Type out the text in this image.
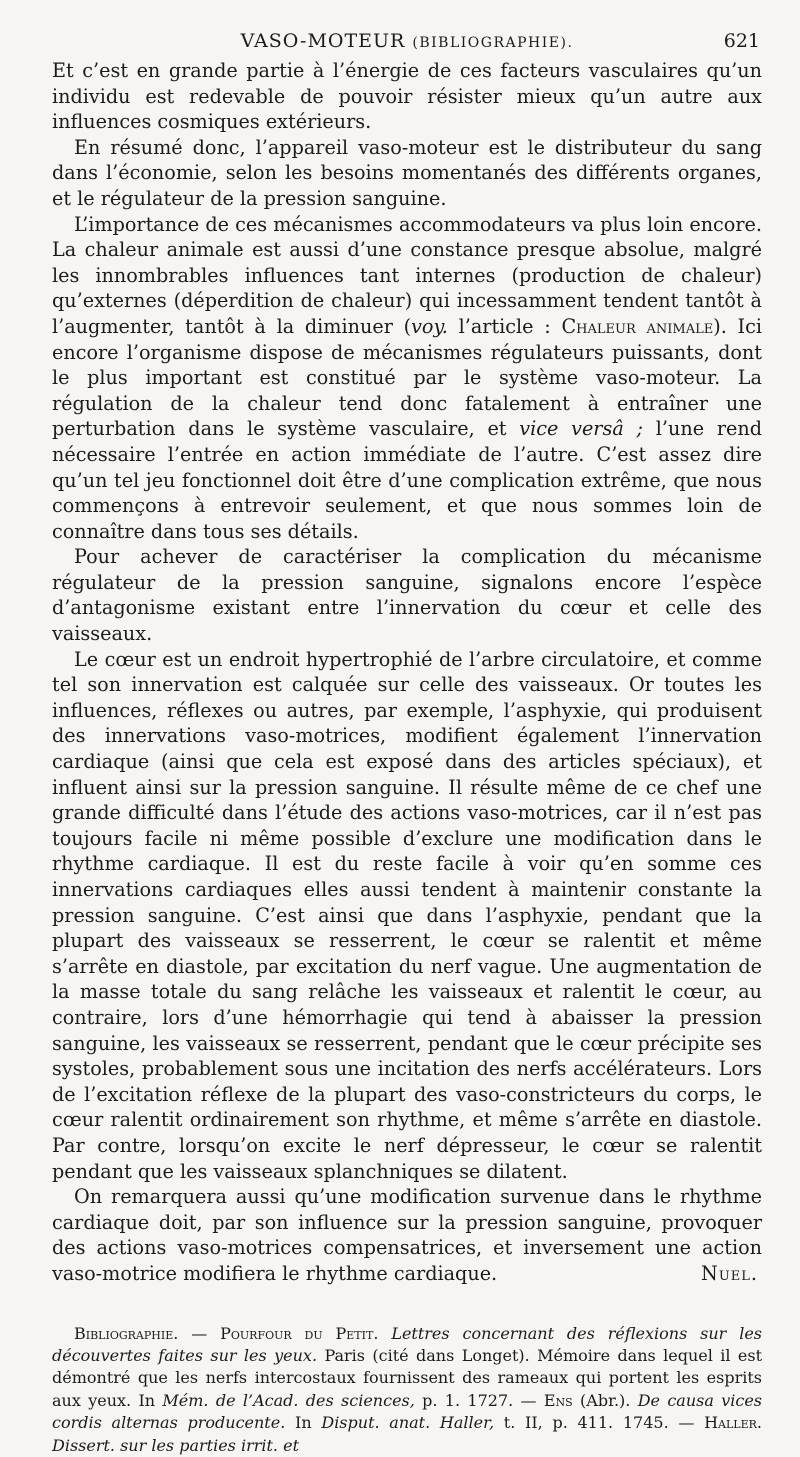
VASO-MOTEUR (BIBLIOGRAPHIE).	621

Et c’est en grande partie à l’énergie de ces facteurs vasculaires qu’un individu est redevable de pouvoir résister mieux qu’un autre aux influences cosmiques extérieurs.

En résumé donc, l’appareil vaso-moteur est le distributeur du sang dans l’économie, selon les besoins momentanés des différents organes, et le régulateur de la pression sanguine.

L’importance de ces mécanismes accommodateurs va plus loin encore. La chaleur animale est aussi d’une constance presque absolue, malgré les innombrables influences tant internes (production de chaleur) qu’externes (déperdition de chaleur) qui incessamment tendent tantôt à l’augmenter, tantôt à la diminuer (voy. l’article : Chaleur animale). Ici encore l’organisme dispose de mécanismes régulateurs puissants, dont le plus important est constitué par le système vaso-moteur. La régulation de la chaleur tend donc fatalement à entraîner une perturbation dans le système vasculaire, et vice versâ ; l’une rend nécessaire l’entrée en action immédiate de l’autre. C’est assez dire qu’un tel jeu fonctionnel doit être d’une complication extrême, que nous commençons à entrevoir seulement, et que nous sommes loin de connaître dans tous ses détails.

Pour achever de caractériser la complication du mécanisme régulateur de la pression sanguine, signalons encore l’espèce d’antagonisme existant entre l’innervation du cœur et celle des vaisseaux.

Le cœur est un endroit hypertrophié de l’arbre circulatoire, et comme tel son innervation est calquée sur celle des vaisseaux. Or toutes les influences, réflexes ou autres, par exemple, l’asphyxie, qui produisent des innervations vaso-motrices, modifient également l’innervation cardiaque (ainsi que cela est exposé dans des articles spéciaux), et influent ainsi sur la pression sanguine. Il résulte même de ce chef une grande difficulté dans l’étude des actions vaso-motrices, car il n’est pas toujours facile ni même possible d’exclure une modification dans le rhythme cardiaque. Il est du reste facile à voir qu’en somme ces innervations cardiaques elles aussi tendent à maintenir constante la pression sanguine. C’est ainsi que dans l’asphyxie, pendant que la plupart des vaisseaux se resserrent, le cœur se ralentit et même s’arrête en diastole, par excitation du nerf vague. Une augmentation de la masse totale du sang relâche les vaisseaux et ralentit le cœur, au contraire, lors d’une hémorrhagie qui tend à abaisser la pression sanguine, les vaisseaux se resserrent, pendant que le cœur précipite ses systoles, probablement sous une incitation des nerfs accélérateurs. Lors de l’excitation réflexe de la plupart des vaso-constricteurs du corps, le cœur ralentit ordinairement son rhythme, et même s’arrête en diastole. Par contre, lorsqu’on excite le nerf dépresseur, le cœur se ralentit pendant que les vaisseaux splanchniques se dilatent.

On remarquera aussi qu’une modification survenue dans le rhythme cardiaque doit, par son influence sur la pression sanguine, provoquer des actions vaso-motrices compensatrices, et inversement une action vaso-motrice modifiera le rhythme cardiaque.	Nuel.

Bibliographie. — Pourfour du Petit. Lettres concernant des réflexions sur les découvertes faites sur les yeux. Paris (cité dans Longet). Mémoire dans lequel il est démontré que les nerfs intercostaux fournissent des rameaux qui portent les esprits aux yeux. In Mém. de l’Acad. des sciences, p. 1. 1727. — Ens (Abr.). De causa vices cordis alternas producente. In Disput. anat. Haller, t. II, p. 411. 1745. — Haller. Dissert. sur les parties irrit. et
